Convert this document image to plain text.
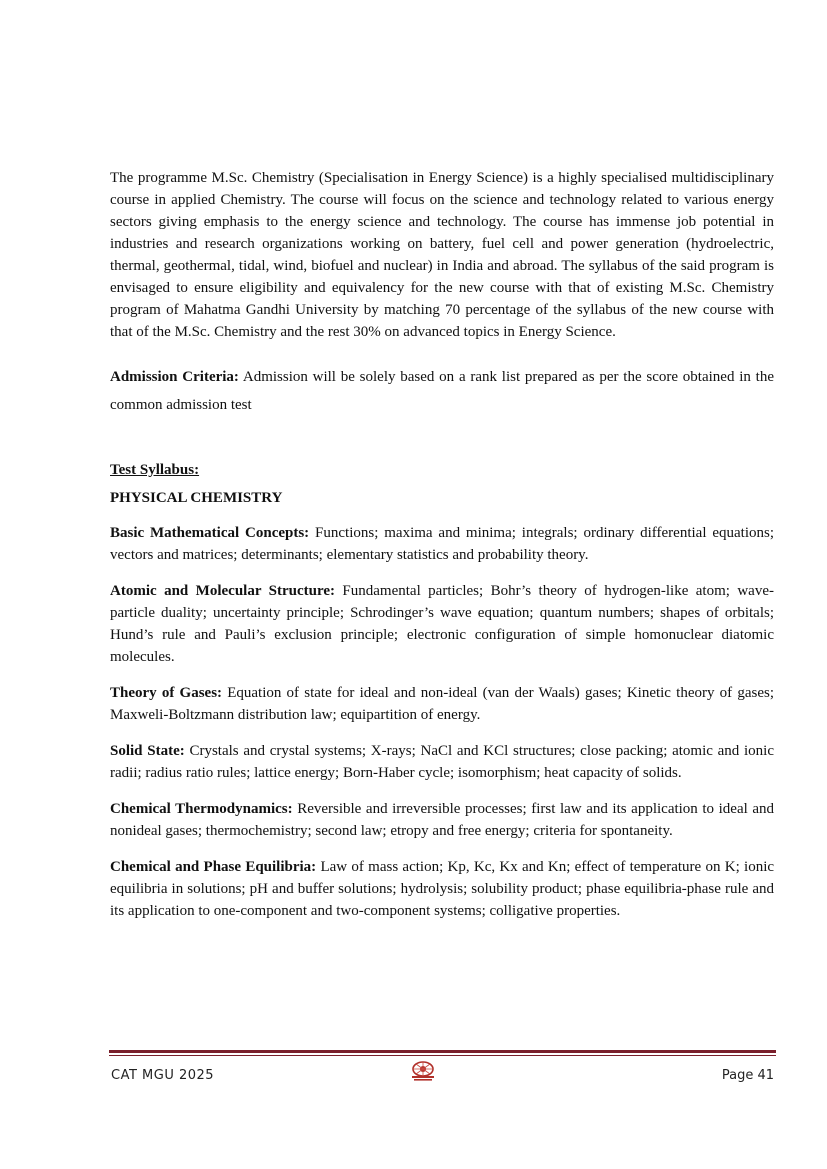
The programme M.Sc. Chemistry (Specialisation in Energy Science) is a highly specialised multidisciplinary course in applied Chemistry. The course will focus on the science and technology related to various energy sectors giving emphasis to the energy science and technology. The course has immense job potential in industries and research organizations working on battery, fuel cell and power generation (hydroelectric, thermal, geothermal, tidal, wind, biofuel and nuclear) in India and abroad. The syllabus of the said program is envisaged to ensure eligibility and equivalency for the new course with that of existing M.Sc. Chemistry program of Mahatma Gandhi University by matching 70 percentage of the syllabus of the new course with that of the M.Sc. Chemistry and the rest 30% on advanced topics in Energy Science.

Admission Criteria: Admission will be solely based on a rank list prepared as per the score obtained in the common admission test

Test Syllabus:

PHYSICAL CHEMISTRY

Basic Mathematical Concepts: Functions; maxima and minima; integrals; ordinary differential equations; vectors and matrices; determinants; elementary statistics and probability theory.

Atomic and Molecular Structure: Fundamental particles; Bohr’s theory of hydrogen-like atom; wave-particle duality; uncertainty principle; Schrodinger’s wave equation; quantum numbers; shapes of orbitals; Hund’s rule and Pauli’s exclusion principle; electronic configuration of simple homonuclear diatomic molecules.

Theory of Gases: Equation of state for ideal and non-ideal (van der Waals) gases; Kinetic theory of gases; Maxweli-Boltzmann distribution law; equipartition of energy.

Solid State: Crystals and crystal systems; X-rays; NaCl and KCl structures; close packing; atomic and ionic radii; radius ratio rules; lattice energy; Born-Haber cycle; isomorphism; heat capacity of solids.

Chemical Thermodynamics: Reversible and irreversible processes; first law and its application to ideal and nonideal gases; thermochemistry; second law; etropy and free energy; criteria for spontaneity.

Chemical and Phase Equilibria: Law of mass action; Kp, Kc, Kx and Kn; effect of temperature on K; ionic equilibria in solutions; pH and buffer solutions; hydrolysis; solubility product; phase equilibria-phase rule and its application to one-component and two-component systems; colligative properties.

CAT MGU 2025	Page 41
